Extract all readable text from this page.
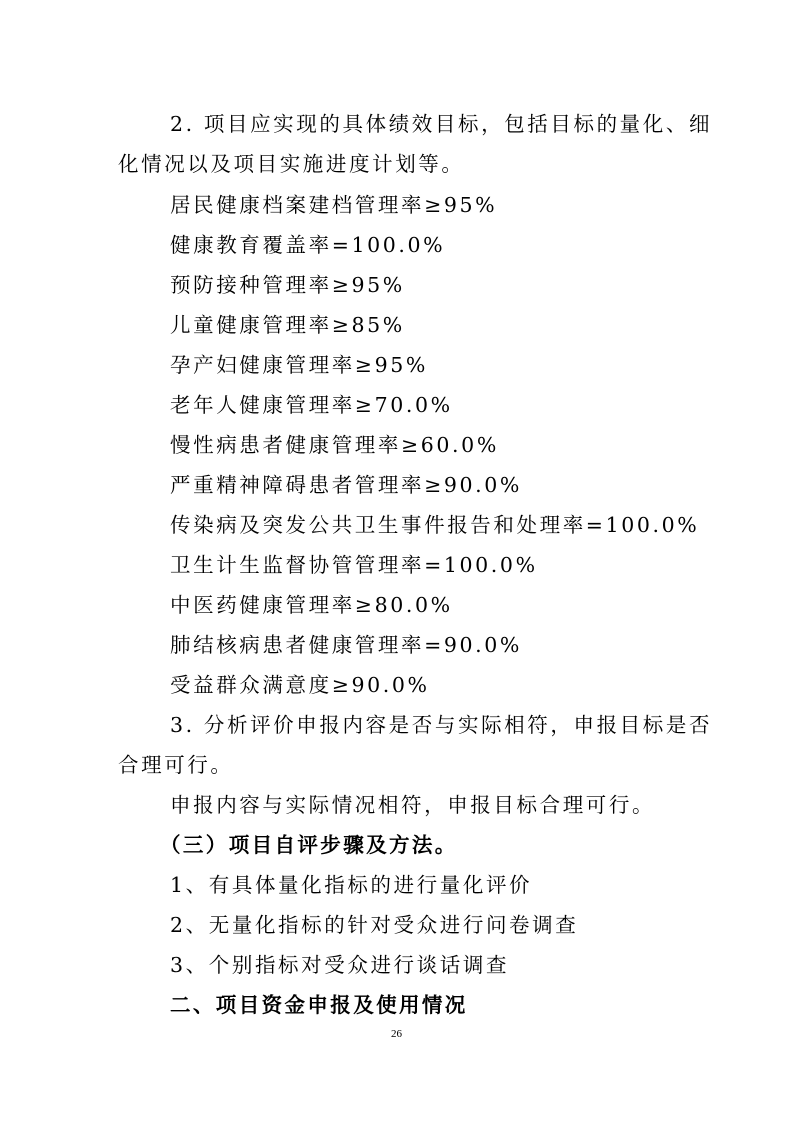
2. 项目应实现的具体绩效目标，包括目标的量化、细
化情况以及项目实施进度计划等。
居民健康档案建档管理率≥95%
健康教育覆盖率=100.0%
预防接种管理率≥95%
儿童健康管理率≥85%
孕产妇健康管理率≥95%
老年人健康管理率≥70.0%
慢性病患者健康管理率≥60.0%
严重精神障碍患者管理率≥90.0%
传染病及突发公共卫生事件报告和处理率=100.0%
卫生计生监督协管管理率=100.0%
中医药健康管理率≥80.0%
肺结核病患者健康管理率=90.0%
受益群众满意度≥90.0%
3. 分析评价申报内容是否与实际相符，申报目标是否
合理可行。
申报内容与实际情况相符，申报目标合理可行。
（三）项目自评步骤及方法。
1、有具体量化指标的进行量化评价
2、无量化指标的针对受众进行问卷调查
3、个别指标对受众进行谈话调查
二、项目资金申报及使用情况
26
